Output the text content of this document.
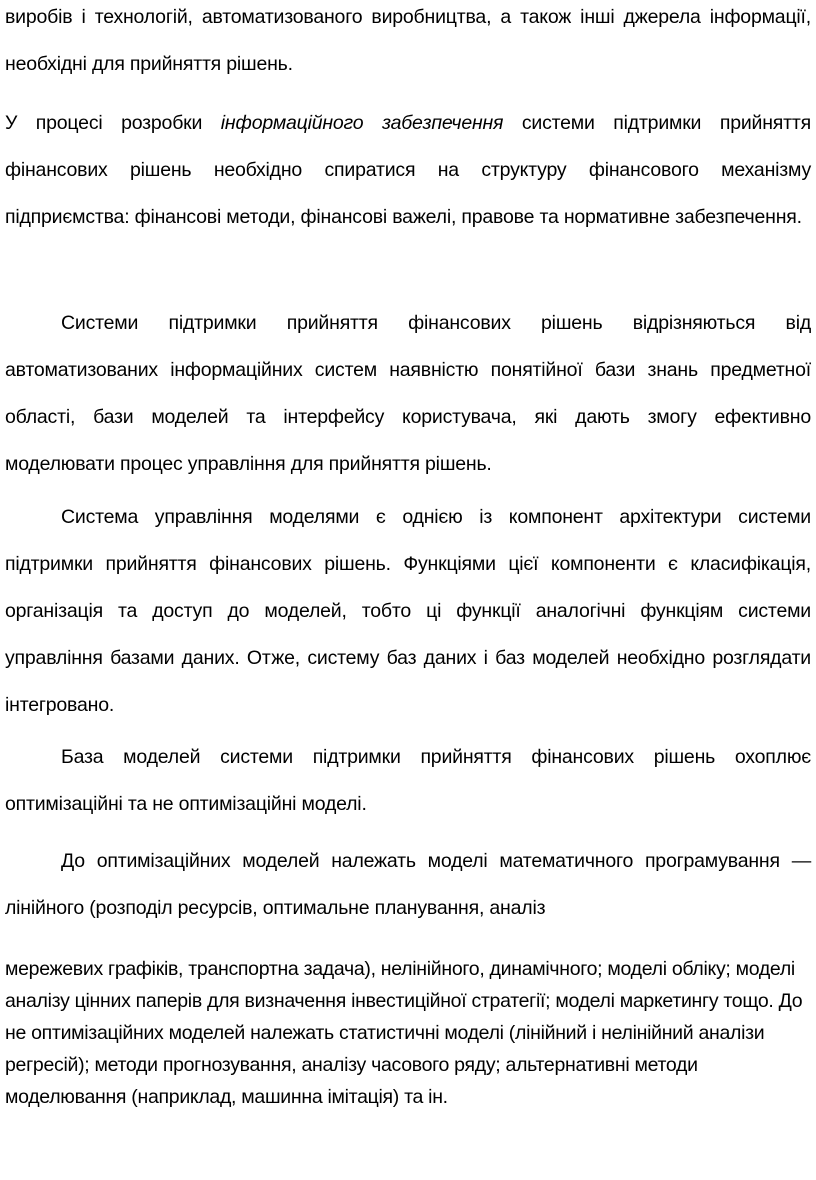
виробів і технологій, автоматизованого виробництва, а також інші джерела інформації, необхідні для прийняття рішень.

У процесі розробки інформаційного забезпечення системи підтримки прийняття фінансових рішень необхідно спиратися на структуру фінансового механізму підприємства: фінансові методи, фінансові важелі, правове та нормативне забезпечення.

Системи підтримки прийняття фінансових рішень відрізняються від автоматизованих інформаційних систем наявністю понятійної бази знань предметної області, бази моделей та інтерфейсу користувача, які дають змогу ефективно моделювати процес управління для прийняття рішень.

Система управління моделями є однією із компонент архітектури системи підтримки прийняття фінансових рішень. Функціями цієї компоненти є класифікація, організація та доступ до моделей, тобто ці функції аналогічні функціям системи управління базами даних. Отже, систему баз даних і баз моделей необхідно розглядати інтегровано.

База моделей системи підтримки прийняття фінансових рішень охоплює оптимізаційні та не оптимізаційні моделі.

До оптимізаційних моделей належать моделі математичного програмування — лінійного (розподіл ресурсів, оптимальне планування, аналіз

мережевих графіків, транспортна задача), нелінійного, динамічного; моделі обліку; моделі аналізу цінних паперів для визначення інвестиційної стратегії; моделі маркетингу тощо. До не оптимізаційних моделей належать статистичні моделі (лінійний і нелінійний аналізи регресій); методи прогнозування, аналізу часового ряду; альтернативні методи моделювання (наприклад, машинна імітація) та ін.
